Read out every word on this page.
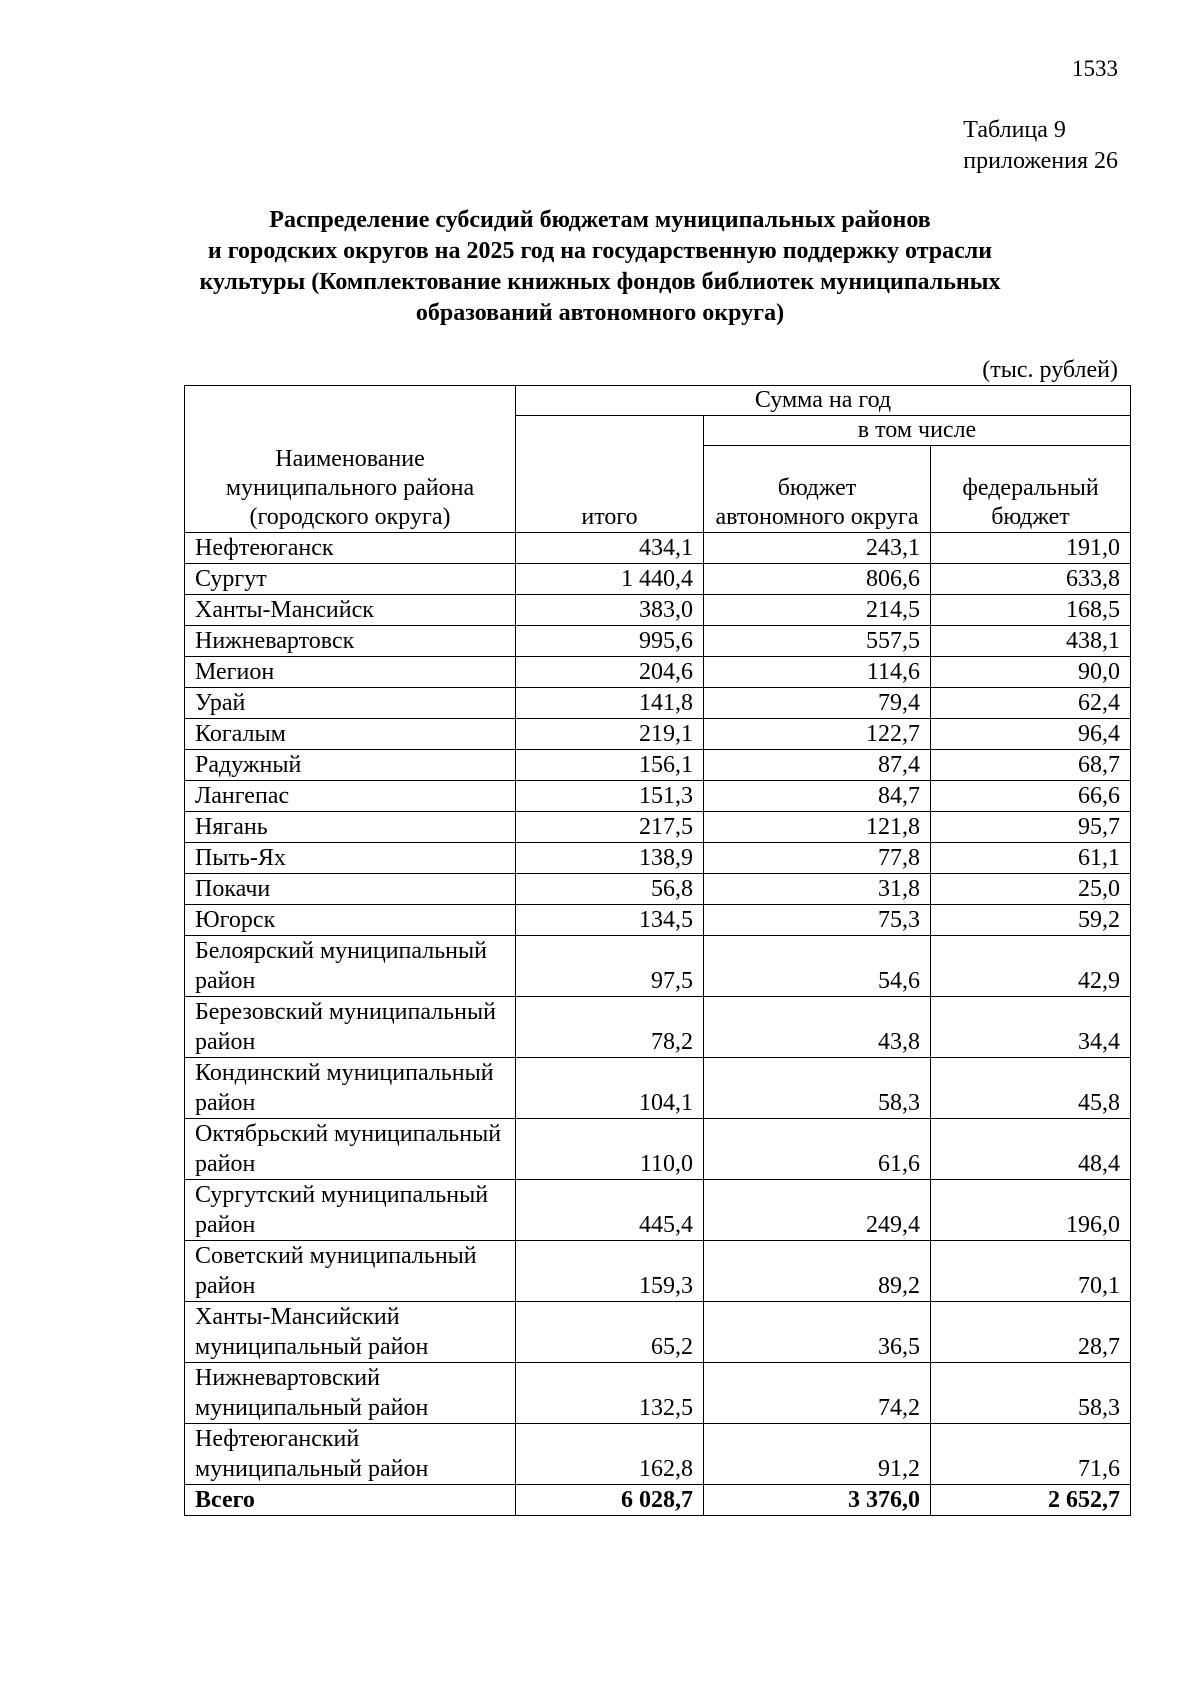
1533
Таблица 9
приложения 26
Распределение субсидий бюджетам муниципальных районов
и городских округов на 2025 год на государственную поддержку отрасли
культуры (Комплектование книжных фондов библиотек муниципальных
образований автономного округа)
(тыс. рублей)
Наименование муниципального района (городского округа)	Сумма на год		
	итого	в том числе	
		бюджет автономного округа	федеральный бюджет
Нефтеюганск	434,1	243,1	191,0
Сургут	1 440,4	806,6	633,8
Ханты-Мансийск	383,0	214,5	168,5
Нижневартовск	995,6	557,5	438,1
Мегион	204,6	114,6	90,0
Урай	141,8	79,4	62,4
Когалым	219,1	122,7	96,4
Радужный	156,1	87,4	68,7
Лангепас	151,3	84,7	66,6
Нягань	217,5	121,8	95,7
Пыть-Ях	138,9	77,8	61,1
Покачи	56,8	31,8	25,0
Югорск	134,5	75,3	59,2
Белоярский муниципальный район	97,5	54,6	42,9
Березовский муниципальный район	78,2	43,8	34,4
Кондинский муниципальный район	104,1	58,3	45,8
Октябрьский муниципальный район	110,0	61,6	48,4
Сургутский муниципальный район	445,4	249,4	196,0
Советский муниципальный район	159,3	89,2	70,1
Ханты-Мансийский муниципальный район	65,2	36,5	28,7
Нижневартовский муниципальный район	132,5	74,2	58,3
Нефтеюганский муниципальный район	162,8	91,2	71,6
Всего	6 028,7	3 376,0	2 652,7
